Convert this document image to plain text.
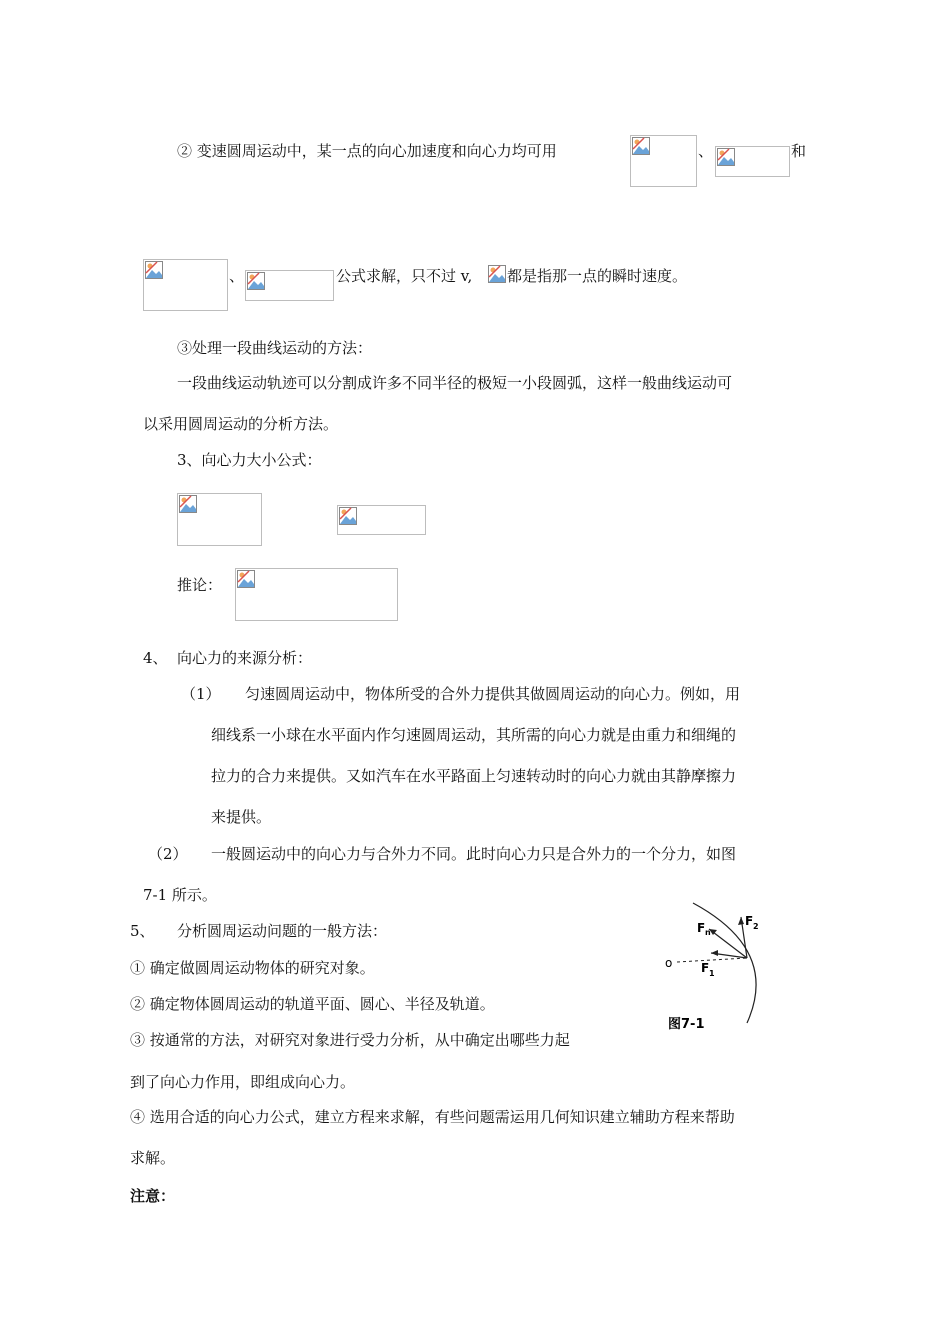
② 变速圆周运动中，某一点的向心加速度和向心力均可用	、	和
、	公式求解，只不过 v, 都是指那一点的瞬时速度。
③处理一段曲线运动的方法：
一段曲线运动轨迹可以分割成许多不同半径的极短一小段圆弧，这样一般曲线运动可
以采用圆周运动的分析方法。
3、向心力大小公式：
推论：
4、 向心力的来源分析：
（1） 匀速圆周运动中，物体所受的合外力提供其做圆周运动的向心力。例如，用
细线系一小球在水平面内作匀速圆周运动，其所需的向心力就是由重力和细绳的
拉力的合力来提供。又如汽车在水平路面上匀速转动时的向心力就由其静摩擦力
来提供。
（2） 一般圆运动中的向心力与合外力不同。此时向心力只是合外力的一个分力，如图
7-1 所示。
5、 分析圆周运动问题的一般方法：
① 确定做圆周运动物体的研究对象。
② 确定物体圆周运动的轨道平面、圆心、半径及轨道。
③ 按通常的方法，对研究对象进行受力分析，从中确定出哪些力起
到了向心力作用，即组成向心力。
④ 选用合适的向心力公式，建立方程来求解，有些问题需运用几何知识建立辅助方程来帮助
求解。
注意：
F n
F 2
F 1
o
图7-1
